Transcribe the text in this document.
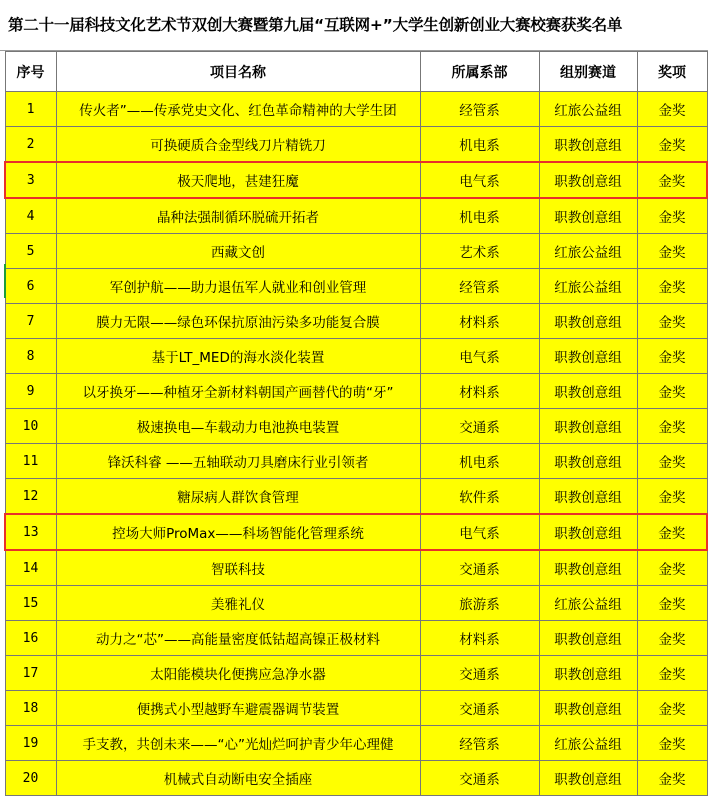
第二十一届科技文化艺术节双创大赛暨第九届“互联网+”大学生创新创业大赛校赛获奖名单
序号	项目名称	所属系部	组别赛道	奖项
1	传火者”——传承党史文化、红色革命精神的大学生团	经管系	红旅公益组	金奖
2	可换硬质合金型线刀片精铣刀	机电系	职教创意组	金奖
3	极天爬地，甚建狂魔	电气系	职教创意组	金奖
4	晶种法强制循环脱硫开拓者	机电系	职教创意组	金奖
5	西藏文创	艺术系	红旅公益组	金奖
6	军创护航——助力退伍军人就业和创业管理	经管系	红旅公益组	金奖
7	膜力无限——绿色环保抗原油污染多功能复合膜	材料系	职教创意组	金奖
8	基于LT_MED的海水淡化装置	电气系	职教创意组	金奖
9	以牙换牙——种植牙全新材料朝国产画替代的萌“牙”	材料系	职教创意组	金奖
10	极速换电—车载动力电池换电装置	交通系	职教创意组	金奖
11	锋沃科睿 ——五轴联动刀具磨床行业引领者	机电系	职教创意组	金奖
12	糖尿病人群饮食管理	软件系	职教创意组	金奖
13	控场大师ProMax——科场智能化管理系统	电气系	职教创意组	金奖
14	智联科技	交通系	职教创意组	金奖
15	美雅礼仪	旅游系	红旅公益组	金奖
16	动力之“芯”——高能量密度低钴超高镍正极材料	材料系	职教创意组	金奖
17	太阳能模块化便携应急净水器	交通系	职教创意组	金奖
18	便携式小型越野车避震器调节装置	交通系	职教创意组	金奖
19	手支教，共创未来——“心”光灿烂呵护青少年心理健	经管系	红旅公益组	金奖
20	机械式自动断电安全插座	交通系	职教创意组	金奖
